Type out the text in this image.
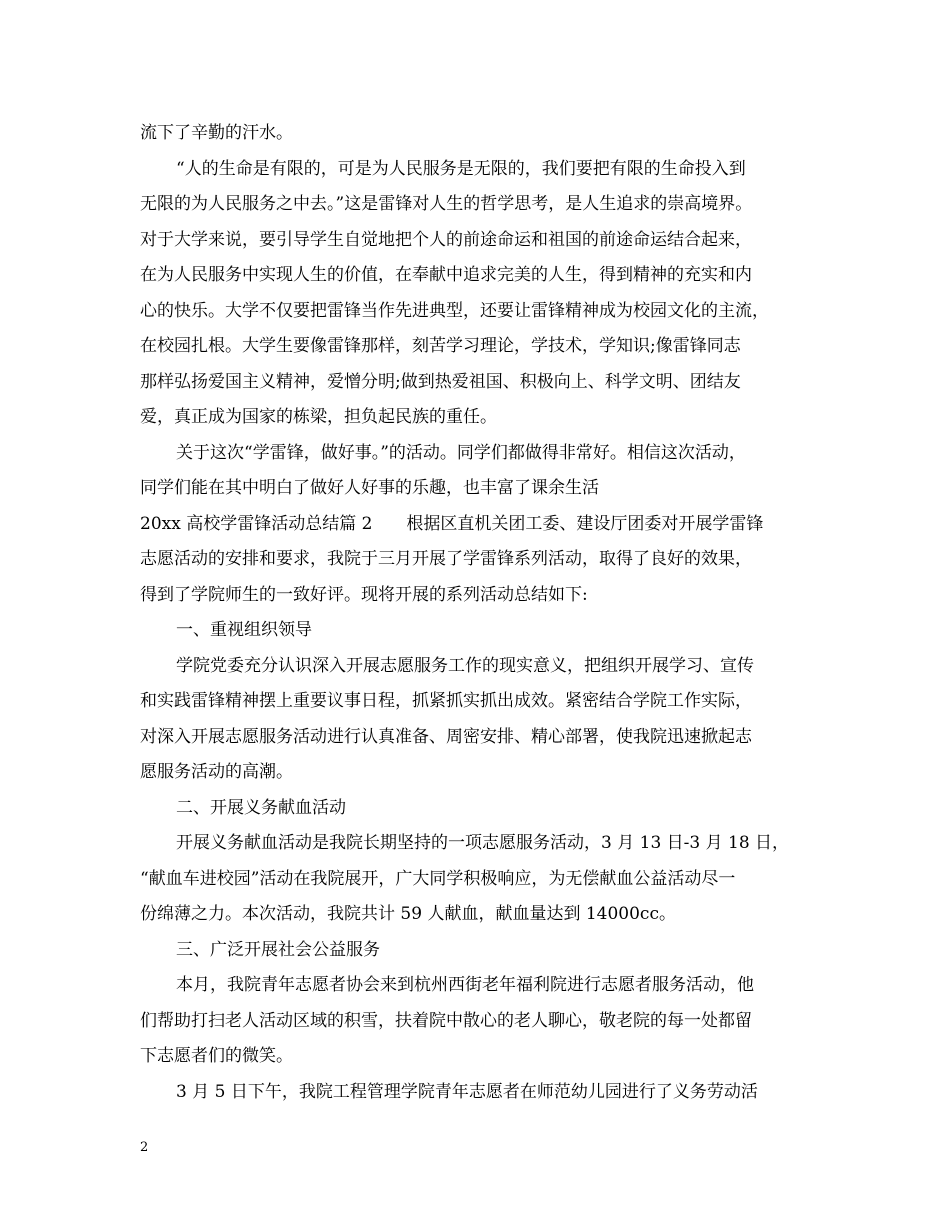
流下了辛勤的汗水。
“人的生命是有限的，可是为人民服务是无限的，我们要把有限的生命投入到
无限的为人民服务之中去。”这是雷锋对人生的哲学思考，是人生追求的崇高境界。
对于大学来说，要引导学生自觉地把个人的前途命运和祖国的前途命运结合起来，
在为人民服务中实现人生的价值，在奉献中追求完美的人生，得到精神的充实和内
心的快乐。大学不仅要把雷锋当作先进典型，还要让雷锋精神成为校园文化的主流，
在校园扎根。大学生要像雷锋那样，刻苦学习理论，学技术，学知识;像雷锋同志
那样弘扬爱国主义精神，爱憎分明;做到热爱祖国、积极向上、科学文明、团结友
爱，真正成为国家的栋梁，担负起民族的重任。
关于这次“学雷锋，做好事。”的活动。同学们都做得非常好。相信这次活动，
同学们能在其中明白了做好人好事的乐趣，也丰富了课余生活
20xx 高校学雷锋活动总结篇 2　　根据区直机关团工委、建设厅团委对开展学雷锋
志愿活动的安排和要求，我院于三月开展了学雷锋系列活动，取得了良好的效果，
得到了学院师生的一致好评。现将开展的系列活动总结如下:
一、重视组织领导
学院党委充分认识深入开展志愿服务工作的现实意义，把组织开展学习、宣传
和实践雷锋精神摆上重要议事日程，抓紧抓实抓出成效。紧密结合学院工作实际，
对深入开展志愿服务活动进行认真准备、周密安排、精心部署，使我院迅速掀起志
愿服务活动的高潮。
二、开展义务献血活动
开展义务献血活动是我院长期坚持的一项志愿服务活动，3 月 13 日-3 月 18 日，
“献血车进校园”活动在我院展开，广大同学积极响应，为无偿献血公益活动尽一
份绵薄之力。本次活动，我院共计 59 人献血，献血量达到 14000cc。
三、广泛开展社会公益服务
本月，我院青年志愿者协会来到杭州西街老年福利院进行志愿者服务活动，他
们帮助打扫老人活动区域的积雪，扶着院中散心的老人聊心，敬老院的每一处都留
下志愿者们的微笑。
3 月 5 日下午，我院工程管理学院青年志愿者在师范幼儿园进行了义务劳动活
2
